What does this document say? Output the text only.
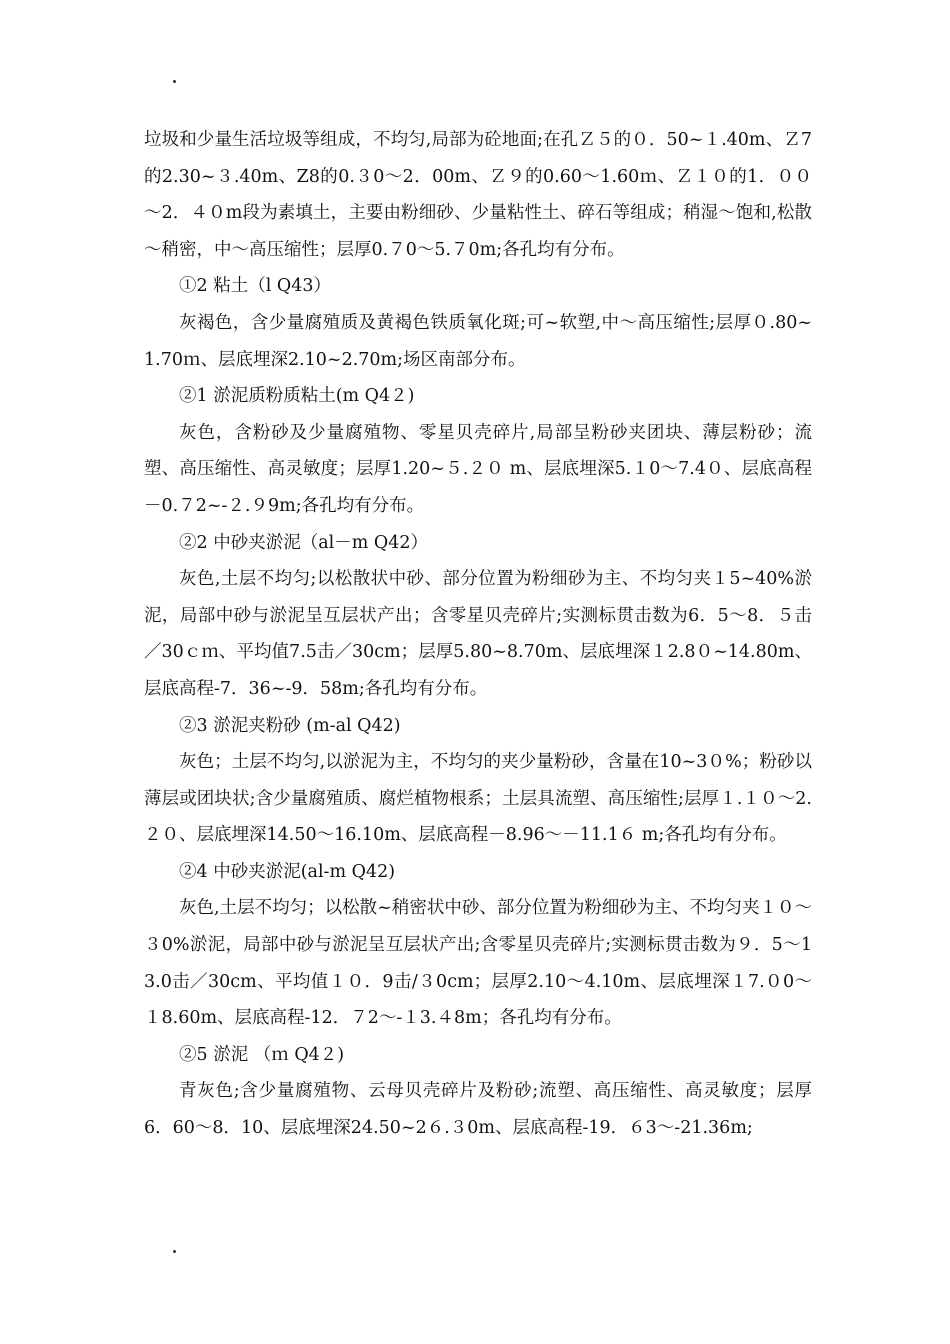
垃圾和少量生活垃圾等组成，不均匀,局部为砼地面;在孔Ｚ５的０．50~１.40m、Ｚ7的2.30~３.40m、Z8的0.３0～2．00m、Ｚ９的0.60～1.60ｍ、Ｚ１０的1．００～2．４０m段为素填土，主要由粉细砂、少量粘性土、碎石等组成；稍湿～饱和,松散～稍密，中～高压缩性；层厚0.７0～5.７0m;各孔均有分布。

①2 粘土（l Q43）

灰褐色，含少量腐殖质及黄褐色铁质氧化斑;可~软塑,中～高压缩性;层厚０.80~1.70ｍ、层底埋深2.10~2.70m;场区南部分布。

②1 淤泥质粉质粘土(m Q4２)

灰色，含粉砂及少量腐殖物、零星贝壳碎片,局部呈粉砂夹团块、薄层粉砂；流塑、高压缩性、高灵敏度；层厚1.20~５.２０ m、层底埋深5.１0～7.4０、层底高程－0.７2~-２.９9m;各孔均有分布。

②2 中砂夹淤泥（al－m Q42）

灰色,土层不均匀;以松散状中砂、部分位置为粉细砂为主、不均匀夹１5~40%淤泥，局部中砂与淤泥呈互层状产出；含零星贝壳碎片;实测标贯击数为6．5～8．５击／30ｃｍ、平均值7.5击／30cm；层厚5.80~8.70m、层底埋深１2.8０~14.80m、层底高程-7．36~-9．58m;各孔均有分布。

②3 淤泥夹粉砂 (m-al Q42)

灰色；土层不均匀,以淤泥为主，不均匀的夹少量粉砂，含量在10~3０%；粉砂以薄层或团块状;含少量腐殖质、腐烂植物根系；土层具流塑、高压缩性;层厚１.１０～2.２０、层底埋深14.50～16.10m、层底高程－8.96～－11.1６ m;各孔均有分布。

②4 中砂夹淤泥(al-m Q42)

灰色,土层不均匀；以松散~稍密状中砂、部分位置为粉细砂为主、不均匀夹１０～３0%淤泥，局部中砂与淤泥呈互层状产出;含零星贝壳碎片;实测标贯击数为９．5～13.0击／30cm、平均值１０．9击/３0cm；层厚2.10～4.10m、层底埋深１7.０0～１8.60m、层底高程-12．７2～-１3.４8m；各孔均有分布。

②5 淤泥 （ｍ Q4２)

青灰色;含少量腐殖物、云母贝壳碎片及粉砂;流塑、高压缩性、高灵敏度；层厚6．60～8．10、层底埋深24.50~2６.３0m、层底高程-19．６3～-21.36m;
